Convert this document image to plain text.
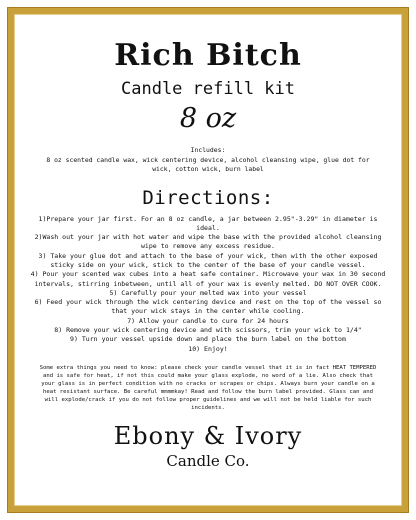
Rich Bitch
Candle refill kit
8 oz
Includes:
8 oz scented candle wax, wick centering device, alcohol cleansing wipe, glue dot for wick, cotton wick, burn label
Directions:
1)Prepare your jar first. For an 8 oz candle, a jar between 2.95"-3.29" in diameter is ideal.
2)Wash out your jar with hot water and wipe the base with the provided alcohol cleansing wipe to remove any excess residue.
3) Take your glue dot and attach to the base of your wick, then with the other exposed sticky side on your wick, stick to the center of the base of your candle vessel.
4) Pour your scented wax cubes into a heat safe container. Microwave your wax in 30 second intervals, stirring inbetween, until all of your wax is evenly melted. DO NOT OVER COOK.
5) Carefully pour your melted wax into your vessel
6) Feed your wick through the wick centering device and rest on the top of the vessel so that your wick stays in the center while cooling.
7) Allow your candle to cure for 24 hours
8) Remove your wick centering device and with scissors, trim your wick to 1/4"
9) Turn your vessel upside down and place the burn label on the bottom
10) Enjoy!
Some extra things you need to know: please check your candle vessel that it is in fact HEAT TEMPERED and is safe for heat, if not this could make your glass explode, no word of a lie. Also check that your glass is in perfect condition with no cracks or scrapes or chips. Always burn your candle on a heat resistant surface. Be careful mmmmkay! Read and follow the burn label provided. Glass can and will explode/crack if you do not follow proper guidelines and we will not be held liable for such incidents.
Ebony & Ivory
Candle Co.
